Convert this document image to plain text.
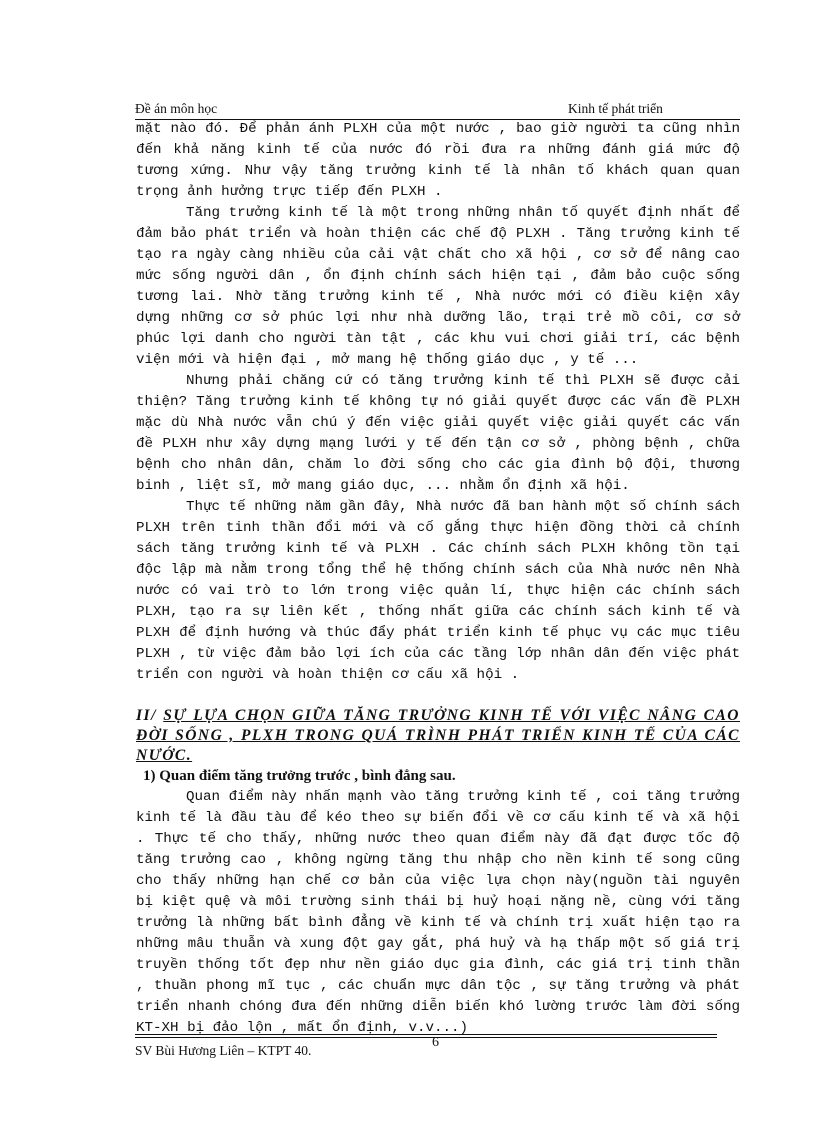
Đề án môn học	Kinh tế phát triển

mặt nào đó. Để phản ánh PLXH của một nước , bao giờ người ta cũng nhìn đến khả năng kinh tế của nước đó rồi đưa ra những đánh giá mức độ tương xứng. Như vậy tăng trưởng kinh tế là nhân tố khách quan quan trọng ảnh hưởng trực tiếp đến PLXH .

Tăng trưởng kinh tế là một trong những nhân tố quyết định nhất để đảm bảo phát triển và hoàn thiện các chế độ PLXH . Tăng trưởng kinh tế tạo ra ngày càng nhiều của cải vật chất cho xã hội , cơ sở để nâng cao mức sống người dân , ổn định chính sách hiện tại , đảm bảo cuộc sống tương lai. Nhờ tăng trưởng kinh tế , Nhà nước mới có điều kiện xây dựng những cơ sở phúc lợi như nhà dưỡng lão, trại trẻ mồ côi, cơ sở phúc lợi danh cho người tàn tật , các khu vui chơi giải trí, các bệnh viện mới và hiện đại , mở mang hệ thống giáo dục , y tế ...

Nhưng phải chăng cứ có tăng trưởng kinh tế thì PLXH sẽ được cải thiện? Tăng trưởng kinh tế không tự nó giải quyết được các vấn đề PLXH mặc dù Nhà nước vẫn chú ý đến việc giải quyết việc giải quyết các vấn đề PLXH như xây dựng mạng lưới y tế đến tận cơ sở , phòng bệnh , chữa bệnh cho nhân dân, chăm lo đời sống cho các gia đình bộ đội, thương binh , liệt sĩ, mở mang giáo dục, ... nhằm ổn định xã hội.

Thực tế những năm gần đây, Nhà nước đã ban hành một số chính sách PLXH trên tinh thần đổi mới và cố gắng thực hiện đồng thời cả chính sách tăng trưởng kinh tế và PLXH . Các chính sách PLXH không tồn tại độc lập mà nằm trong tổng thể hệ thống chính sách của Nhà nước nên Nhà nước có vai trò to lớn trong việc quản lí, thực hiện các chính sách PLXH, tạo ra sự liên kết , thống nhất giữa các chính sách kinh tế và PLXH để định hướng và thúc đẩy phát triển kinh tế phục vụ các mục tiêu PLXH , từ việc đảm bảo lợi ích của các tầng lớp nhân dân đến việc phát triển con người và hoàn thiện cơ cấu xã hội .

II/ SỰ LỰA CHỌN GIỮA TĂNG TRƯỞNG KINH TẾ VỚI VIỆC NÂNG CAO ĐỜI SỐNG , PLXH TRONG QUÁ TRÌNH PHÁT TRIỂN KINH TẾ CỦA CÁC NƯỚC.
1) Quan điểm tăng trưởng trước , bình đẳng sau.

Quan điểm này nhấn mạnh vào tăng trưởng kinh tế , coi tăng trưởng kinh tế là đầu tàu để kéo theo sự biến đổi về cơ cấu kinh tế và xã hội . Thực tế cho thấy, những nước theo quan điểm này đã đạt được tốc độ tăng trưởng cao , không ngừng tăng thu nhập cho nền kinh tế song cũng cho thấy những hạn chế cơ bản của việc lựa chọn này(nguồn tài nguyên bị kiệt quệ và môi trường sinh thái bị huỷ hoại nặng nề, cùng với tăng trưởng là những bất bình đẳng về kinh tế và chính trị xuất hiện tạo ra những mâu thuẫn và xung đột gay gắt, phá huỷ và hạ thấp một số giá trị truyền thống tốt đẹp như nền giáo dục gia đình, các giá trị tinh thần , thuần phong mĩ tục , các chuẩn mực dân tộc , sự tăng trưởng và phát triển nhanh chóng đưa đến những diễn biến khó lường trước làm đời sống KT-XH bị đảo lộn , mất ổn định, v.v...)

SV Bùi Hương Liên – KTPT 40.
6
